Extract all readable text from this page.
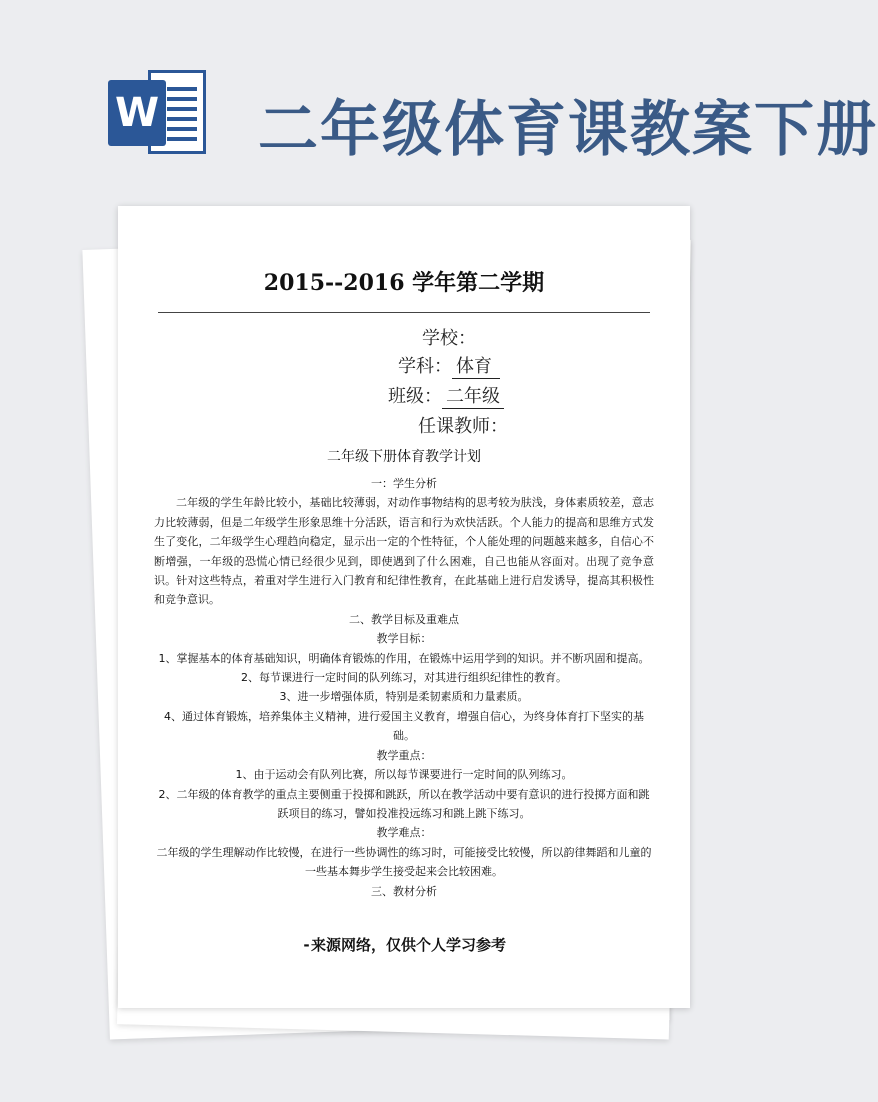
W 二年级体育课教案下册
2015--2016 学年第二学期
学校：
学科： 体育
班级： 二年级
任课教师：
二年级下册体育教学计划

一：学生分析

二年级的学生年龄比较小，基础比较薄弱，对动作事物结构的思考较为肤浅，身体素质较差，意志力比较薄弱，但是二年级学生形象思维十分活跃，语言和行为欢快活跃。个人能力的提高和思维方式发生了变化，二年级学生心理趋向稳定，显示出一定的个性特征，个人能处理的问题越来越多，自信心不断增强，一年级的恐慌心情已经很少见到，即使遇到了什么困难，自己也能从容面对。出现了竞争意识。针对这些特点，着重对学生进行入门教育和纪律性教育，在此基础上进行启发诱导，提高其积极性和竞争意识。

二、教学目标及重难点

教学目标：

1、掌握基本的体育基础知识，明确体育锻炼的作用，在锻炼中运用学到的知识。并不断巩固和提高。

2、每节课进行一定时间的队列练习，对其进行组织纪律性的教育。

3、进一步增强体质，特别是柔韧素质和力量素质。

4、通过体育锻炼，培养集体主义精神，进行爱国主义教育，增强自信心，为终身体育打下坚实的基础。

教学重点：

1、由于运动会有队列比赛，所以每节课要进行一定时间的队列练习。

2、二年级的体育教学的重点主要侧重于投掷和跳跃，所以在教学活动中要有意识的进行投掷方面和跳跃项目的练习，譬如投准投远练习和跳上跳下练习。

教学难点：

二年级的学生理解动作比较慢，在进行一些协调性的练习时，可能接受比较慢，所以韵律舞蹈和儿童的一些基本舞步学生接受起来会比较困难。

三、教材分析

-来源网络，仅供个人学习参考
